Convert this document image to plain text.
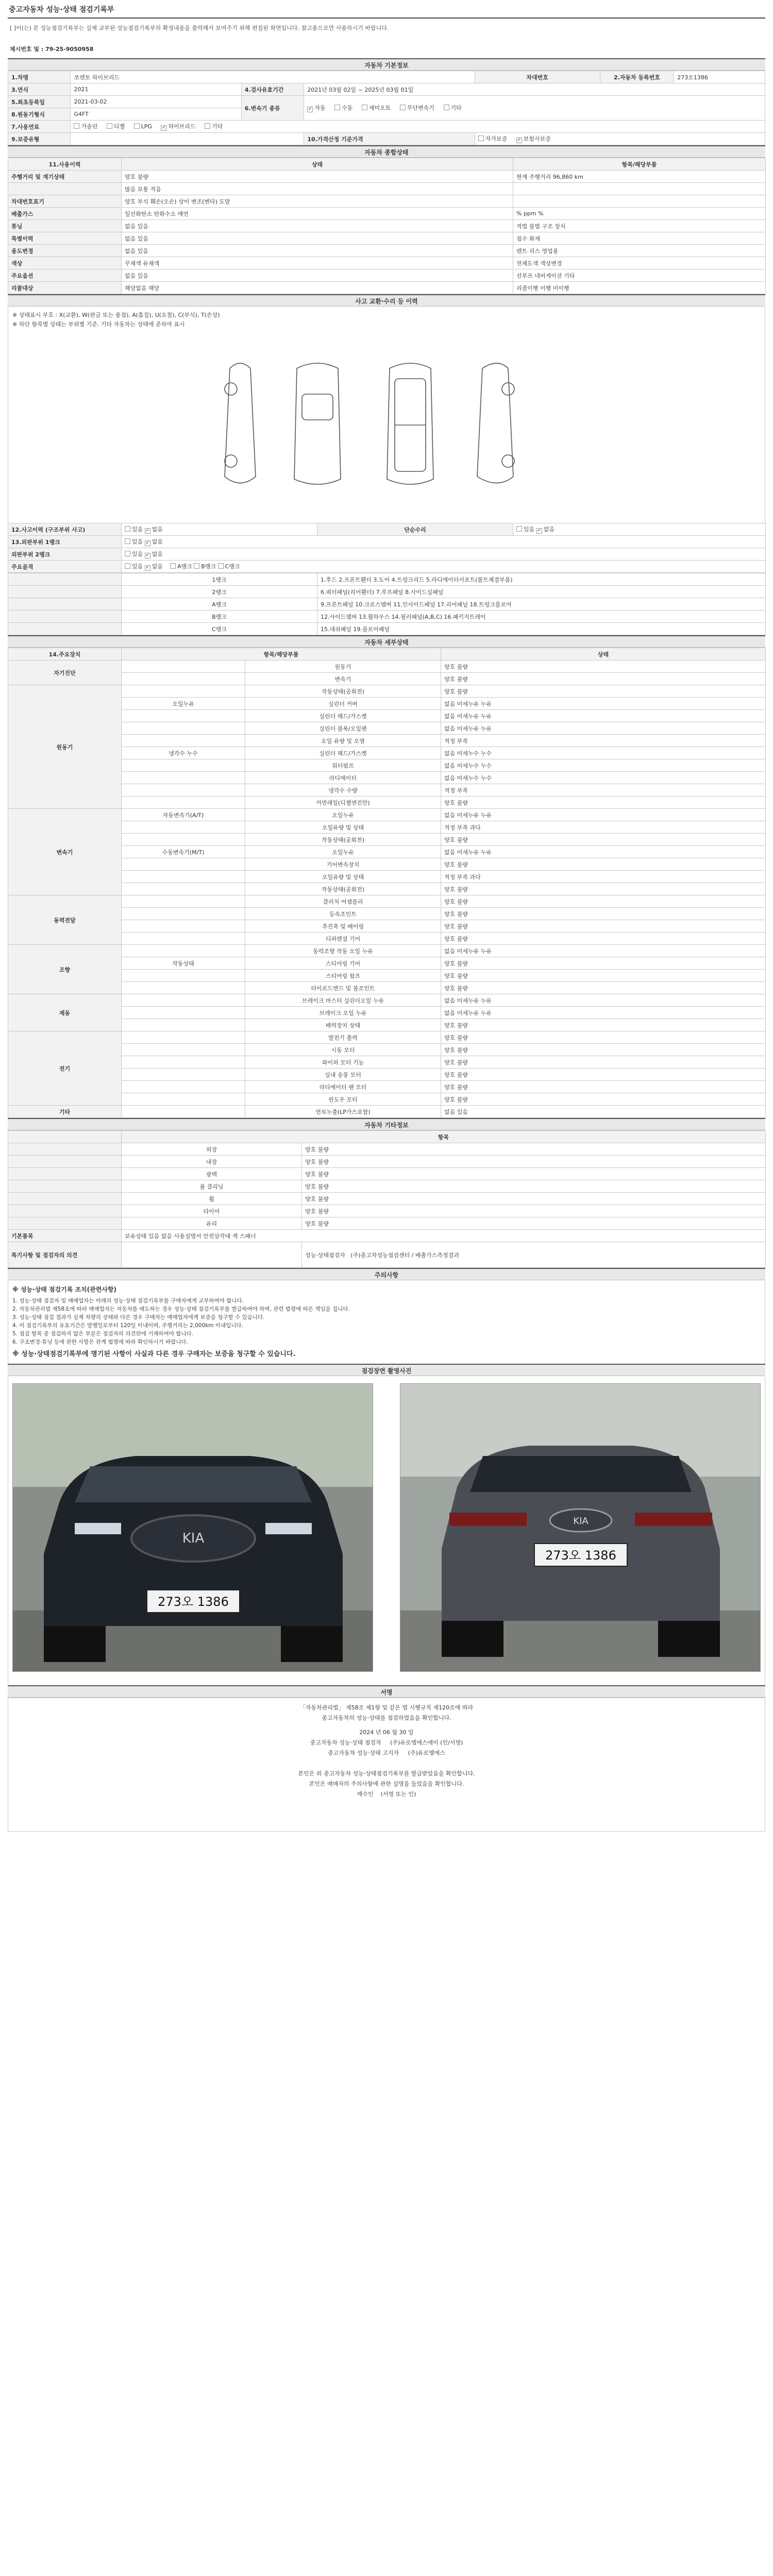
중고자동차 성능·상태 점검기록부
[ ]이(는) 본 성능점검기록부는 실제 교부된 성능점검기록부의 확정내용을 출력해서 보여주기 위해 편집된 화면입니다. 참고용으로만 사용하시기 바랍니다.
제시번호 및 : 79-25-9050958
자동차 기본정보
1.차명	쏘렌토 하이브리드			차대번호	2.자동차 등록번호	273오1386
3.연식	2021	4.검사유효기간	2021년 03월 02일 ~ 2025년 03월 01일			
5.최초등록일	2021-03-02	6.변속기 종류	✓ 자동 수동 세미오토 무단변속기 기타			
8.원동기형식	G4FT					
7.사용연료	가솔린 디젤 LPG ✓ 하이브리드 기타					
9.보증유형			10.가격산정 기준가격	자가보증 ✓ 보험사보증		
자동차 종합상태
11.사용이력	상태	항목/해당부품
주행거리 및 계기상태	양호 불량	현재 주행거리 96,860 km
	많음 보통 적음	
차대번호표기	양호 부식 훼손(오손) 상이 변조(변타) 도말	
배출가스	일산화탄소 탄화수소 매연	% ppm %
튜닝	없음 있음	적법 불법 구조 장치
특별이력	없음 있음	침수 화재
용도변경	없음 있음	렌트 리스 영업용
색상	무채색 유채색	전체도색 색상변경
주요옵션	없음 있음	선루프 네비게이션 기타
리콜대상	해당없음 해당	리콜이행 이행 미이행
사고 교환·수리 등 이력
※ 상태표시 부호 : X(교환), W(판금 또는 용접), A(흠집), U(요철), C(부식), T(손상)
※ 하단 항목별 상태는 부위별 기준. 기타 자동차는 상태에 준하여 표시
12.사고이력 (구조부위 사고)	있음 ✓ 없음	단순수리	있음 ✓ 없음
13.외판부위 1랭크	있음 ✓ 없음		
외판부위 2랭크	있음 ✓ 없음		
주요골격	있음 ✓ 없음    A랭크 B랭크 C랭크		
	1랭크	1.후드 2.프론트휀더 3.도어 4.트렁크리드 5.라디에이터서포트(볼트체결부품)
	2랭크	6.쿼터패널(리어휀더) 7.루프패널 8.사이드실패널
	A랭크	9.프론트패널 10.크로스멤버 11.인사이드패널 17.리어패널 18.트렁크플로어
	B랭크	12.사이드멤버 13.휠하우스 14.필러패널(A,B,C) 16.패키지트레이
	C랭크	15.대쉬패널 19.플로어패널
자동차 세부상태
14.주요장치	항목/해당부품		상태
자기진단		원동기	양호 불량
		변속기	양호 불량
원동기		작동상태(공회전)	양호 불량
	오일누유	실린더 커버	없음 미세누유 누유
		실린더 헤드/가스켓	없음 미세누유 누유
		실린더 블록/오일팬	없음 미세누유 누유
		오일 유량 및 오염	적정 부족
	냉각수 누수	실린더 헤드/가스켓	없음 미세누수 누수
		워터펌프	없음 미세누수 누수
		라디에이터	없음 미세누수 누수
		냉각수 수량	적정 부족
		커먼레일(디젤엔진만)	양호 불량
변속기	자동변속기(A/T)	오일누유	없음 미세누유 누유
		오일유량 및 상태	적정 부족 과다
		작동상태(공회전)	양호 불량
	수동변속기(M/T)	오일누유	없음 미세누유 누유
		기어변속장치	양호 불량
		오일유량 및 상태	적정 부족 과다
		작동상태(공회전)	양호 불량
동력전달		클러치 어셈블리	양호 불량
		등속조인트	양호 불량
		추진축 및 베어링	양호 불량
		디퍼렌셜 기어	양호 불량
조향		동력조향 작동 오일 누유	없음 미세누유 누유
	작동상태	스티어링 기어	양호 불량
		스티어링 펌프	양호 불량
		타이로드엔드 및 볼조인트	양호 불량
제동		브레이크 마스터 실린더오일 누유	없음 미세누유 누유
		브레이크 오일 누유	없음 미세누유 누유
		배력장치 상태	양호 불량
전기		발전기 출력	양호 불량
		시동 모터	양호 불량
		와이퍼 모터 기능	양호 불량
		실내 송풍 모터	양호 불량
		라디에이터 팬 모터	양호 불량
		윈도우 모터	양호 불량
기타		연료누출(LP가스포함)	없음 있음
자동차 기타정보
	항목	
	외장	양호 불량
	내장	양호 불량
	광택	양호 불량
	룸 클리닝	양호 불량
	휠	양호 불량
	타이어	양호 불량
	유리	양호 불량
기본품목	보유상태 있음 없음 사용설명서 안전삼각대 잭 스패너	
특기사항 및 점검자의 의견		성능·상태점검자 (주)중고차성능점검센터 / 배출가스측정결과
주의사항
※ 성능·상태 점검기록 조치(관련사항)
1. 성능·상태 점검자 및 매매업자는 아래의 성능·상태 점검기록부를 구매자에게 교부하여야 합니다.
2. 자동차관리법 제58조에 따라 매매업자는 자동차를 매도하는 경우 성능·상태 점검기록부를 발급하여야 하며, 관련 법령에 따른 책임을 집니다.
3. 성능·상태 점검 결과가 실제 차량의 상태와 다른 경우 구매자는 매매업자에게 보증을 청구할 수 있습니다.
4. 이 점검기록부의 유효기간은 발행일로부터 120일 이내이며, 주행거리는 2,000km 이내입니다.
5. 점검 항목 중 점검하지 않은 부분은 점검자의 의견란에 기재하여야 합니다.
6. 구조변경·튜닝 등에 관한 사항은 관계 법령에 따라 확인하시기 바랍니다.
※ 성능·상태점검기록부에 명기된 사항이 사실과 다른 경우 구매자는 보증을 청구할 수 있습니다.
점검장면 촬영사진
KIA
273오 1386
KIA
273오 1386
서명

「자동차관리법」 제58조 제1항 및 같은 법 시행규칙 제120조에 따라

중고자동차의 성능·상태를 점검하였음을 확인합니다.

2024 년 06 월 30 일

중고자동차 성능·상태 점검자 (주)유로엠에스에이 (인/서명)

중고자동차 성능·상태 고지자 (주)유로엠에스

본인은 위 중고자동차 성능·상태점검기록부를 발급받았음을 확인합니다.

본인은 매매자의 주의사항에 관한 설명을 들었음을 확인합니다.

매수인 (서명 또는 인)
